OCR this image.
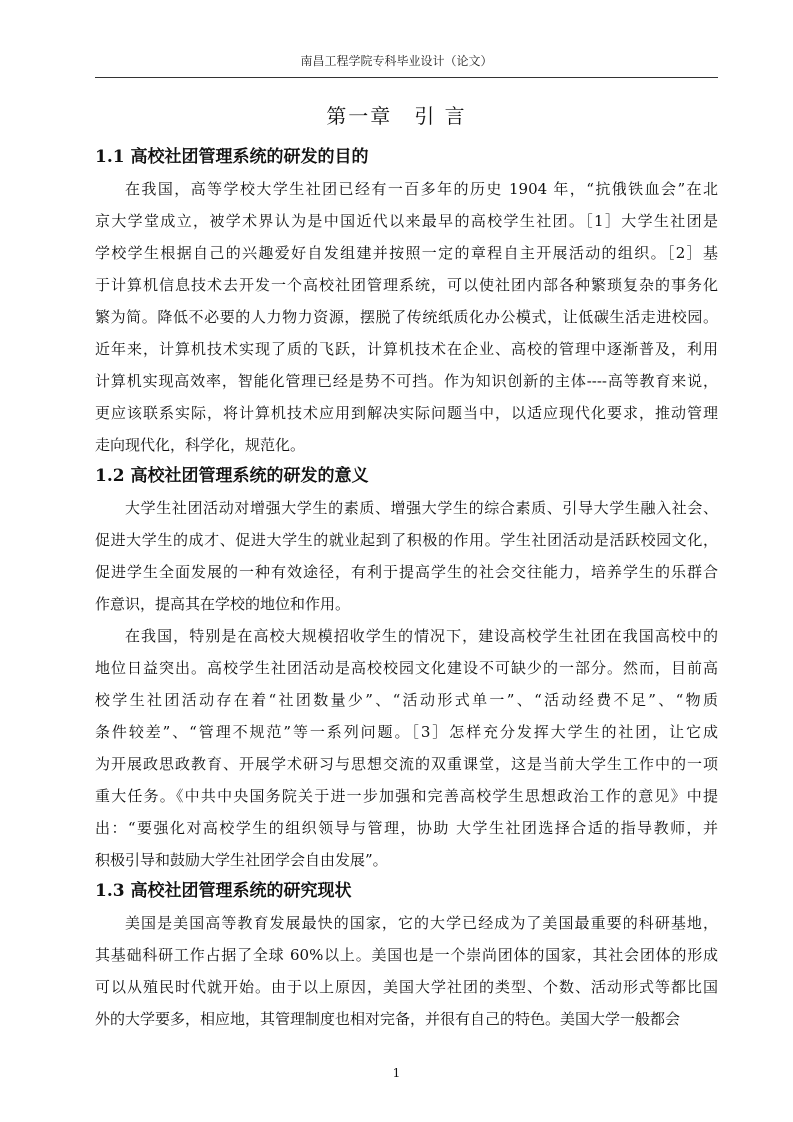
南昌工程学院专科毕业设计（论文）
第一章　引 言
1.1 高校社团管理系统的研发的目的
在我国，高等学校大学生社团已经有一百多年的历史 1904 年，“抗俄铁血会”在北
京大学堂成立，被学术界认为是中国近代以来最早的高校学生社团。［1］大学生社团是
学校学生根据自己的兴趣爱好自发组建并按照一定的章程自主开展活动的组织。［2］基
于计算机信息技术去开发一个高校社团管理系统，可以使社团内部各种繁琐复杂的事务化
繁为简。降低不必要的人力物力资源，摆脱了传统纸质化办公模式，让低碳生活走进校园。
近年来，计算机技术实现了质的飞跃，计算机技术在企业、高校的管理中逐渐普及，利用
计算机实现高效率，智能化管理已经是势不可挡。作为知识创新的主体----高等教育来说，
更应该联系实际，将计算机技术应用到解决实际问题当中，以适应现代化要求，推动管理
走向现代化，科学化，规范化。
1.2 高校社团管理系统的研发的意义
大学生社团活动对增强大学生的素质、增强大学生的综合素质、引导大学生融入社会、
促进大学生的成才、促进大学生的就业起到了积极的作用。学生社团活动是活跃校园文化，
促进学生全面发展的一种有效途径，有利于提高学生的社会交往能力，培养学生的乐群合
作意识，提高其在学校的地位和作用。
在我国，特别是在高校大规模招收学生的情况下，建设高校学生社团在我国高校中的
地位日益突出。高校学生社团活动是高校校园文化建设不可缺少的一部分。然而，目前高
校学生社团活动存在着“社团数量少”、“活动形式单一”、“活动经费不足”、“物质
条件较差”、“管理不规范”等一系列问题。［3］怎样充分发挥大学生的社团，让它成
为开展政思政教育、开展学术研习与思想交流的双重课堂，这是当前大学生工作中的一项
重大任务。《中共中央国务院关于进一步加强和完善高校学生思想政治工作的意见》中提
出：“要强化对高校学生的组织领导与管理，协助 大学生社团选择合适的指导教师，并
积极引导和鼓励大学生社团学会自由发展”。
1.3 高校社团管理系统的研究现状
美国是美国高等教育发展最快的国家，它的大学已经成为了美国最重要的科研基地，
其基础科研工作占据了全球 60%以上。美国也是一个崇尚团体的国家，其社会团体的形成
可以从殖民时代就开始。由于以上原因，美国大学社团的类型、个数、活动形式等都比国
外的大学要多，相应地，其管理制度也相对完备，并很有自己的特色。美国大学一般都会
1
